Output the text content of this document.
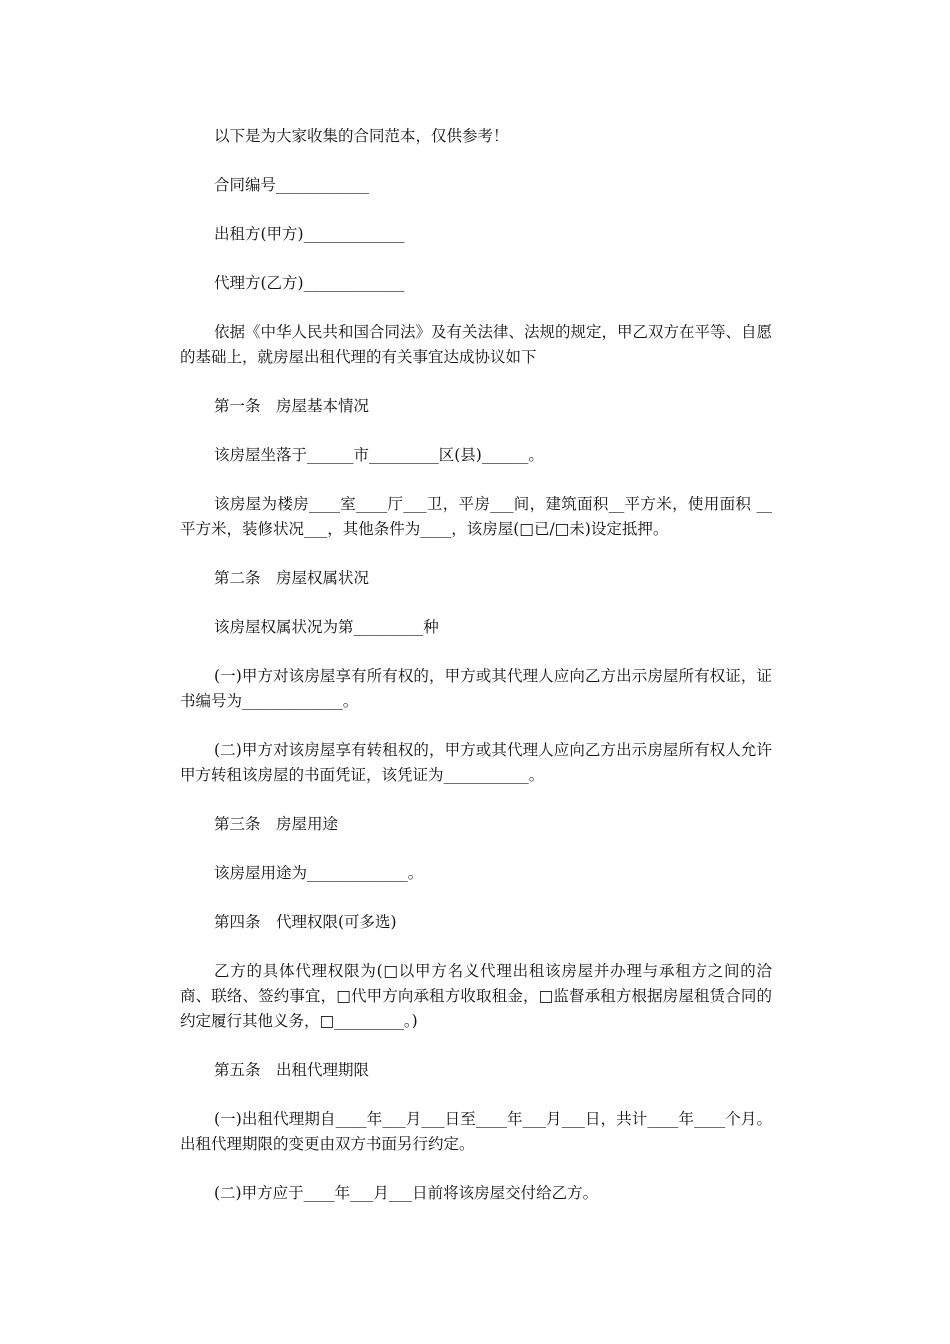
以下是为大家收集的合同范本，仅供参考！

合同编号____________

出租方(甲方)_____________

代理方(乙方)_____________

依据《中华人民共和国合同法》及有关法律、法规的规定，甲乙双方在平等、自愿的基础上，就房屋出租代理的有关事宜达成协议如下

第一条　房屋基本情况

该房屋坐落于______市_________区(县)______。

该房屋为楼房____室____厅___卫，平房___间，建筑面积__平方米，使用面积 __平方米，装修状况___，其他条件为____，该房屋(□已/□未)设定抵押。

第二条　房屋权属状况

该房屋权属状况为第_________种

(一)甲方对该房屋享有所有权的，甲方或其代理人应向乙方出示房屋所有权证，证书编号为_____________。

(二)甲方对该房屋享有转租权的，甲方或其代理人应向乙方出示房屋所有权人允许甲方转租该房屋的书面凭证，该凭证为___________。

第三条　房屋用途

该房屋用途为_____________。

第四条　代理权限(可多选)

乙方的具体代理权限为(□以甲方名义代理出租该房屋并办理与承租方之间的洽商、联络、签约事宜，□代甲方向承租方收取租金，□监督承租方根据房屋租赁合同的约定履行其他义务，□_________。)

第五条　出租代理期限

(一)出租代理期自____年___月___日至____年___月___日，共计____年____个月。出租代理期限的变更由双方书面另行约定。

(二)甲方应于____年___月___日前将该房屋交付给乙方。
